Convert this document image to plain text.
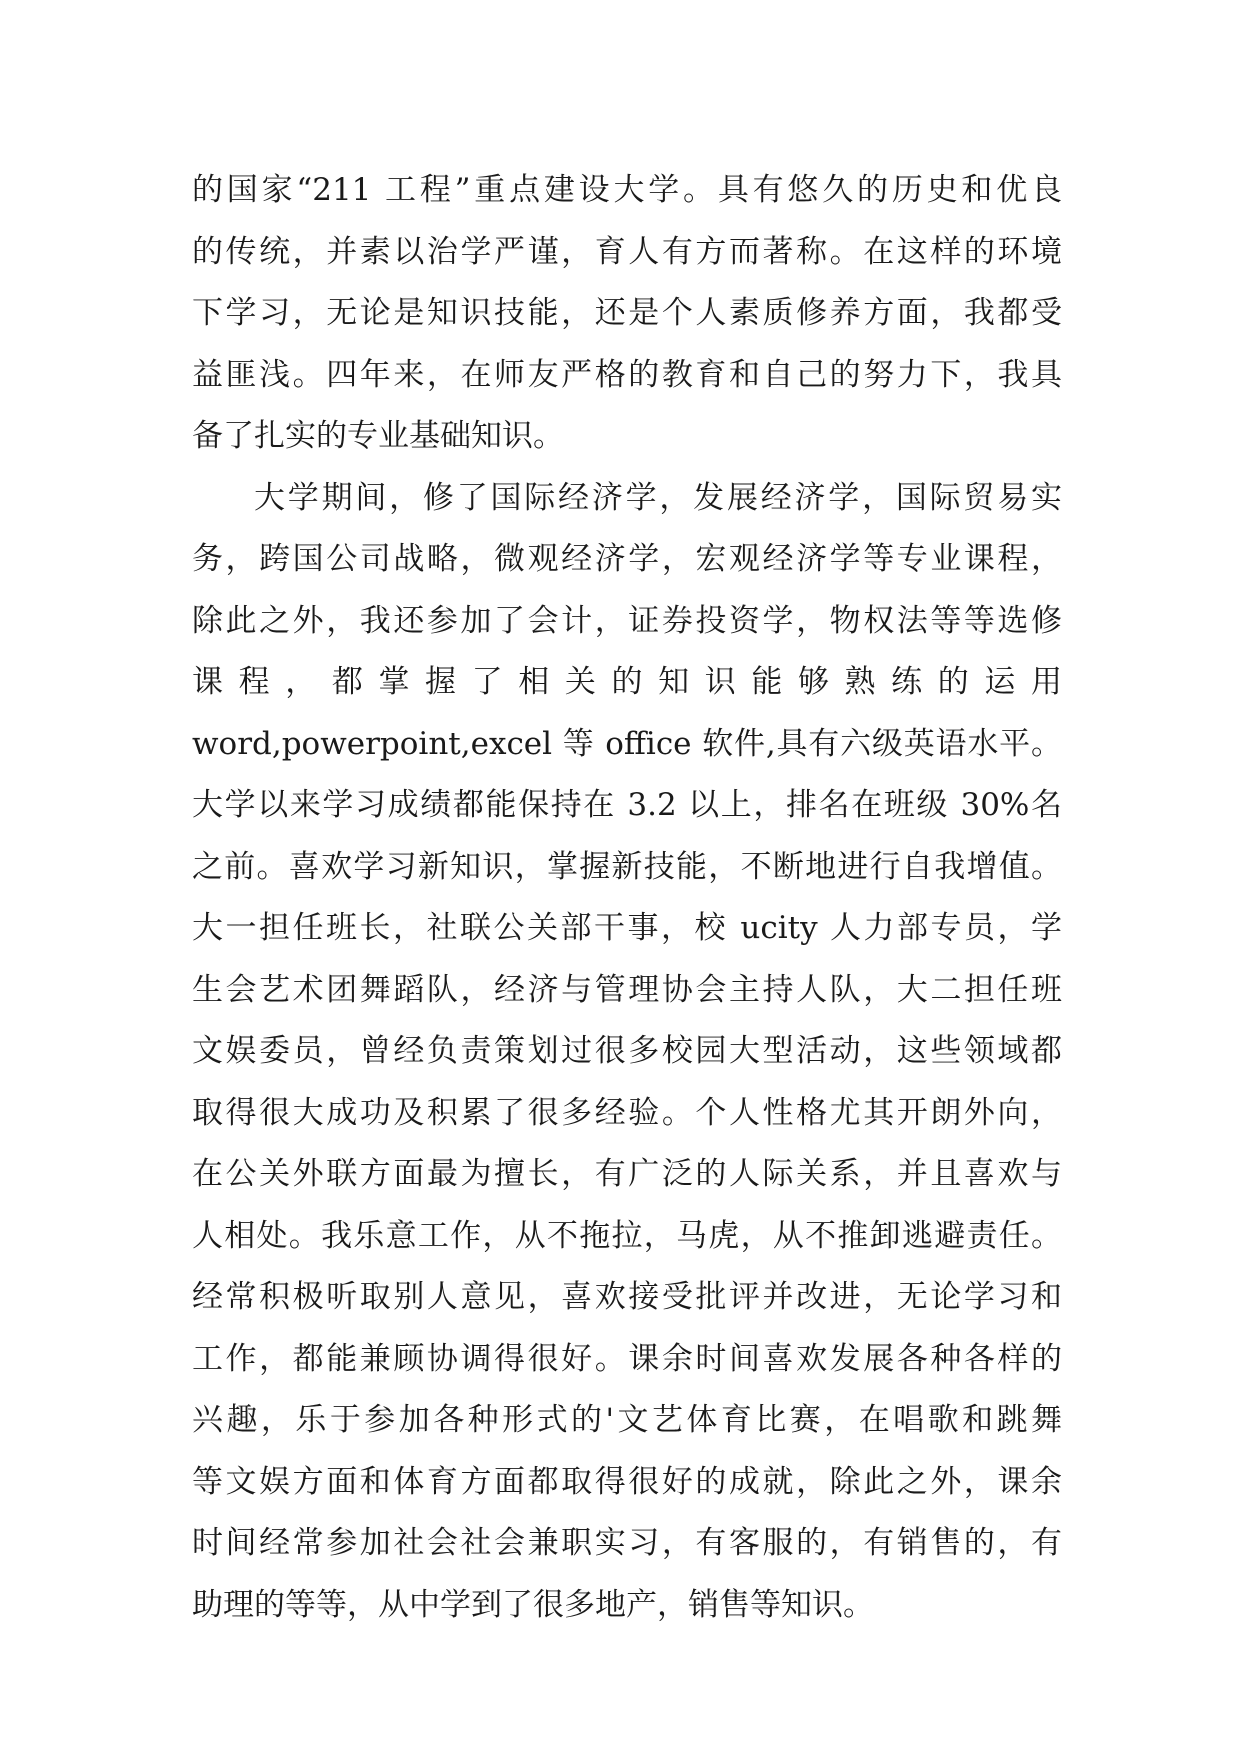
的国家“211 工程”重点建设大学。具有悠久的历史和优良
的传统，并素以治学严谨，育人有方而著称。在这样的环境
下学习，无论是知识技能，还是个人素质修养方面，我都受
益匪浅。四年来，在师友严格的教育和自己的努力下，我具
备了扎实的专业基础知识。
大学期间，修了国际经济学，发展经济学，国际贸易实
务，跨国公司战略，微观经济学，宏观经济学等专业课程，
除此之外，我还参加了会计，证券投资学，物权法等等选修
课程，都掌握了相关的知识能够熟练的运用
word,powerpoint,excel 等 office 软件,具有六级英语水平。
大学以来学习成绩都能保持在 3.2 以上，排名在班级 30%名
之前。喜欢学习新知识，掌握新技能，不断地进行自我增值。
大一担任班长，社联公关部干事，校 ucity 人力部专员，学
生会艺术团舞蹈队，经济与管理协会主持人队，大二担任班
文娱委员，曾经负责策划过很多校园大型活动，这些领域都
取得很大成功及积累了很多经验。个人性格尤其开朗外向，
在公关外联方面最为擅长，有广泛的人际关系，并且喜欢与
人相处。我乐意工作，从不拖拉，马虎，从不推卸逃避责任。
经常积极听取别人意见，喜欢接受批评并改进，无论学习和
工作，都能兼顾协调得很好。课余时间喜欢发展各种各样的
兴趣，乐于参加各种形式的'文艺体育比赛，在唱歌和跳舞
等文娱方面和体育方面都取得很好的成就，除此之外，课余
时间经常参加社会社会兼职实习，有客服的，有销售的，有
助理的等等，从中学到了很多地产，销售等知识。
